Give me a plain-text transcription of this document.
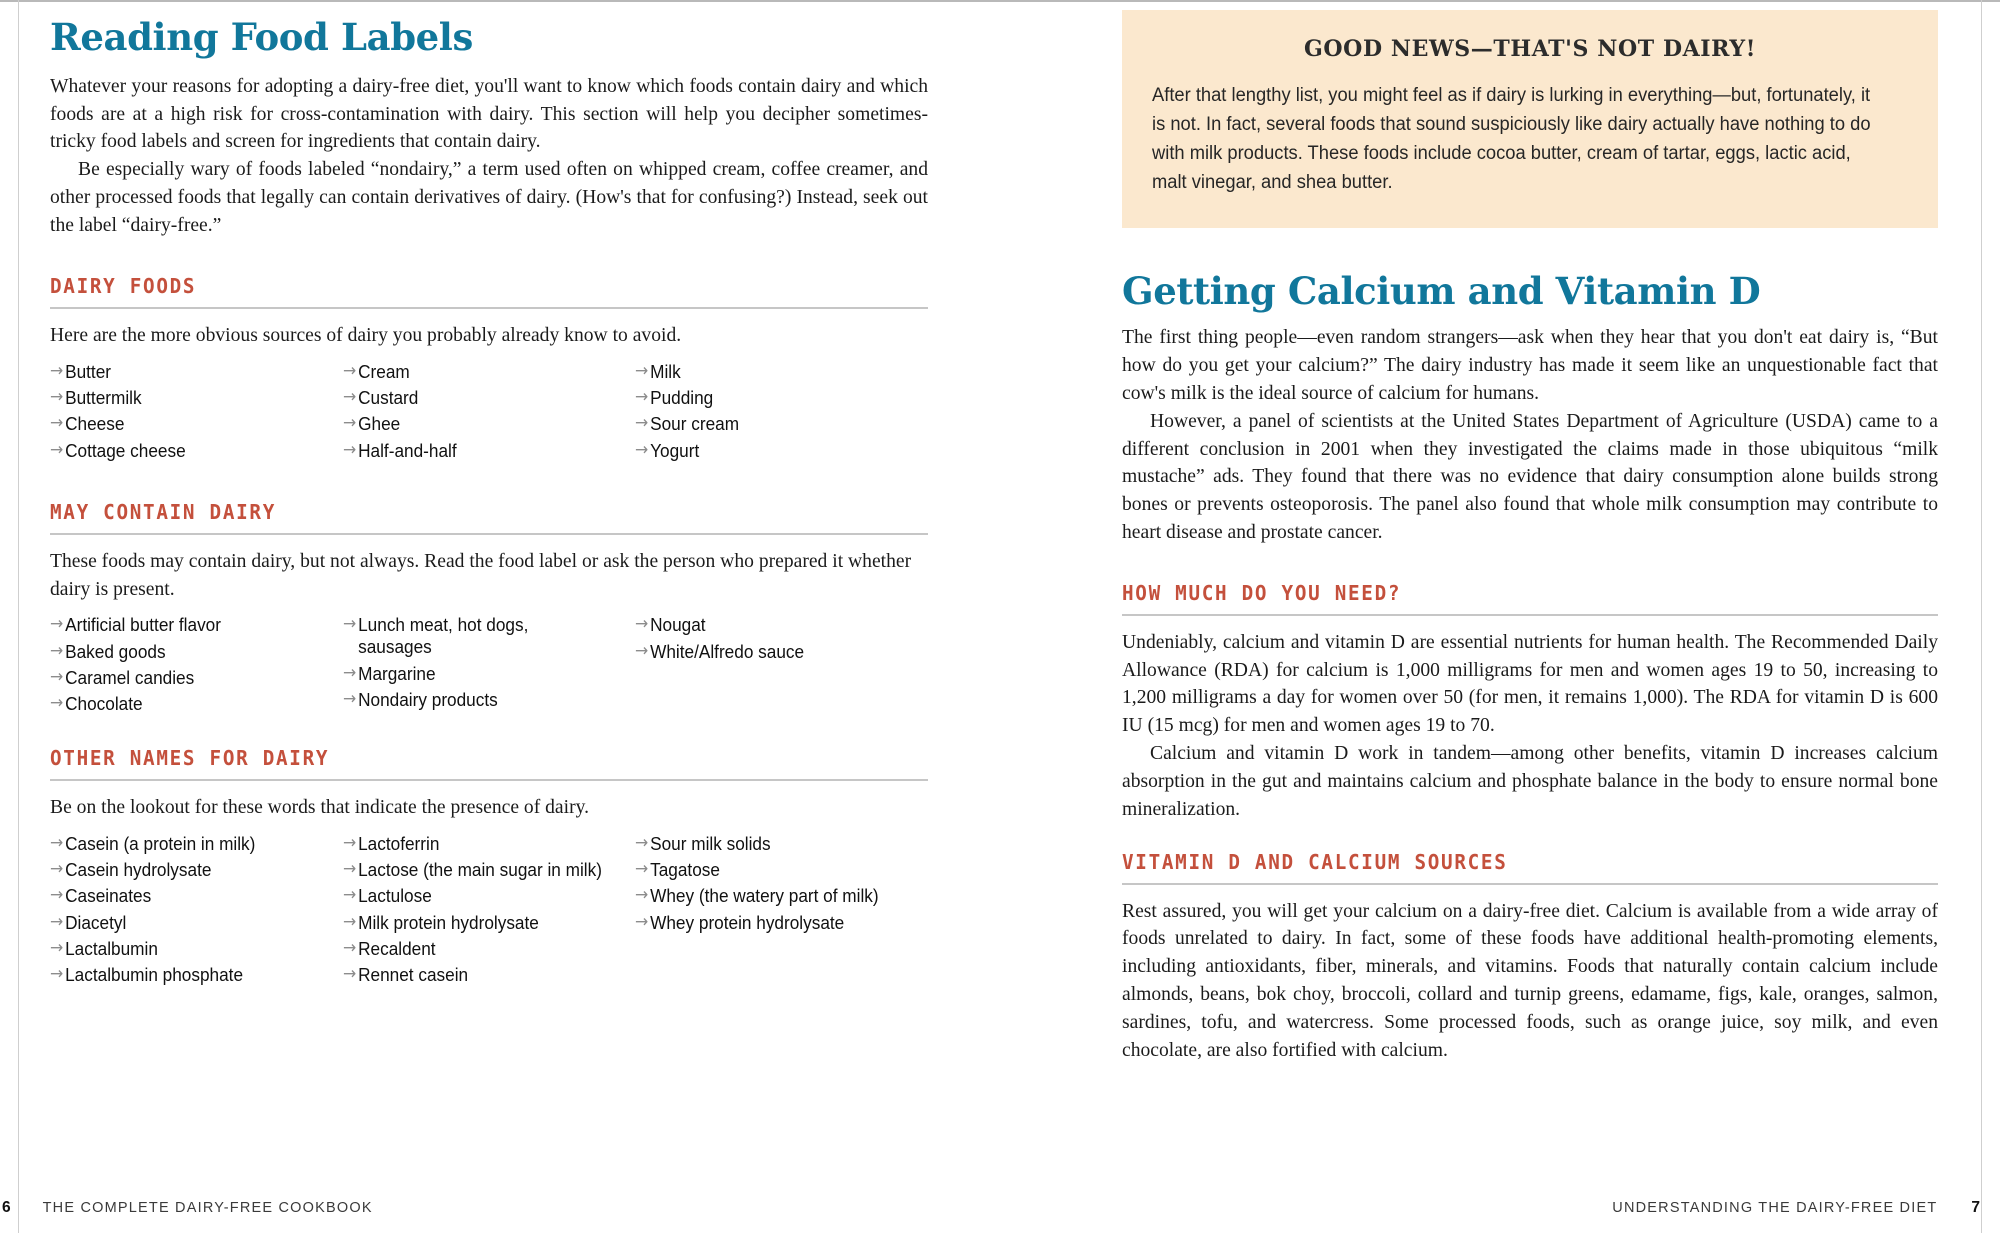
Reading Food Labels

Whatever your reasons for adopting a dairy-free diet, you'll want to know which foods contain dairy and which foods are at a high risk for cross-contamination with dairy. This section will help you decipher sometimes-tricky food labels and screen for ingredients that contain dairy.

Be especially wary of foods labeled “nondairy,” a term used often on whipped cream, coffee creamer, and other processed foods that legally can contain derivatives of dairy. (How's that for confusing?) Instead, seek out the label “dairy-free.”

DAIRY FOODS

Here are the more obvious sources of dairy you probably already know to avoid.

→ Butter
→ Buttermilk
→ Cheese
→ Cottage cheese
→ Cream
→ Custard
→ Ghee
→ Half-and-half
→ Milk
→ Pudding
→ Sour cream
→ Yogurt
MAY CONTAIN DAIRY

These foods may contain dairy, but not always. Read the food label or ask the person who prepared it whether dairy is present.

→ Artificial butter flavor
→ Baked goods
→ Caramel candies
→ Chocolate
→ Lunch meat, hot dogs, sausages
→ Margarine
→ Nondairy products
→ Nougat
→ White/Alfredo sauce
OTHER NAMES FOR DAIRY

Be on the lookout for these words that indicate the presence of dairy.

→ Casein (a protein in milk)
→ Casein hydrolysate
→ Caseinates
→ Diacetyl
→ Lactalbumin
→ Lactalbumin phosphate
→ Lactoferrin
→ Lactose (the main sugar in milk)
→ Lactulose
→ Milk protein hydrolysate
→ Recaldent
→ Rennet casein
→ Sour milk solids
→ Tagatose
→ Whey (the watery part of milk)
→ Whey protein hydrolysate
6 THE COMPLETE DAIRY-FREE COOKBOOK
GOOD NEWS—THAT'S NOT DAIRY!

After that lengthy list, you might feel as if dairy is lurking in everything—but, fortunately, it is not. In fact, several foods that sound suspiciously like dairy actually have nothing to do with milk products. These foods include cocoa butter, cream of tartar, eggs, lactic acid, malt vinegar, and shea butter.

Getting Calcium and Vitamin D

The first thing people—even random strangers—ask when they hear that you don't eat dairy is, “But how do you get your calcium?” The dairy industry has made it seem like an unquestionable fact that cow's milk is the ideal source of calcium for humans.

However, a panel of scientists at the United States Department of Agriculture (USDA) came to a different conclusion in 2001 when they investigated the claims made in those ubiquitous “milk mustache” ads. They found that there was no evidence that dairy consumption alone builds strong bones or prevents osteoporosis. The panel also found that whole milk consumption may contribute to heart disease and prostate cancer.

HOW MUCH DO YOU NEED?

Undeniably, calcium and vitamin D are essential nutrients for human health. The Recommended Daily Allowance (RDA) for calcium is 1,000 milligrams for men and women ages 19 to 50, increasing to 1,200 milligrams a day for women over 50 (for men, it remains 1,000). The RDA for vitamin D is 600 IU (15 mcg) for men and women ages 19 to 70.

Calcium and vitamin D work in tandem—among other benefits, vitamin D increases calcium absorption in the gut and maintains calcium and phosphate balance in the body to ensure normal bone mineralization.

VITAMIN D AND CALCIUM SOURCES

Rest assured, you will get your calcium on a dairy-free diet. Calcium is available from a wide array of foods unrelated to dairy. In fact, some of these foods have additional health-promoting elements, including antioxidants, fiber, minerals, and vitamins. Foods that naturally contain calcium include almonds, beans, bok choy, broccoli, collard and turnip greens, edamame, figs, kale, oranges, salmon, sardines, tofu, and watercress. Some processed foods, such as orange juice, soy milk, and even chocolate, are also fortified with calcium.

UNDERSTANDING THE DAIRY-FREE DIET 7
